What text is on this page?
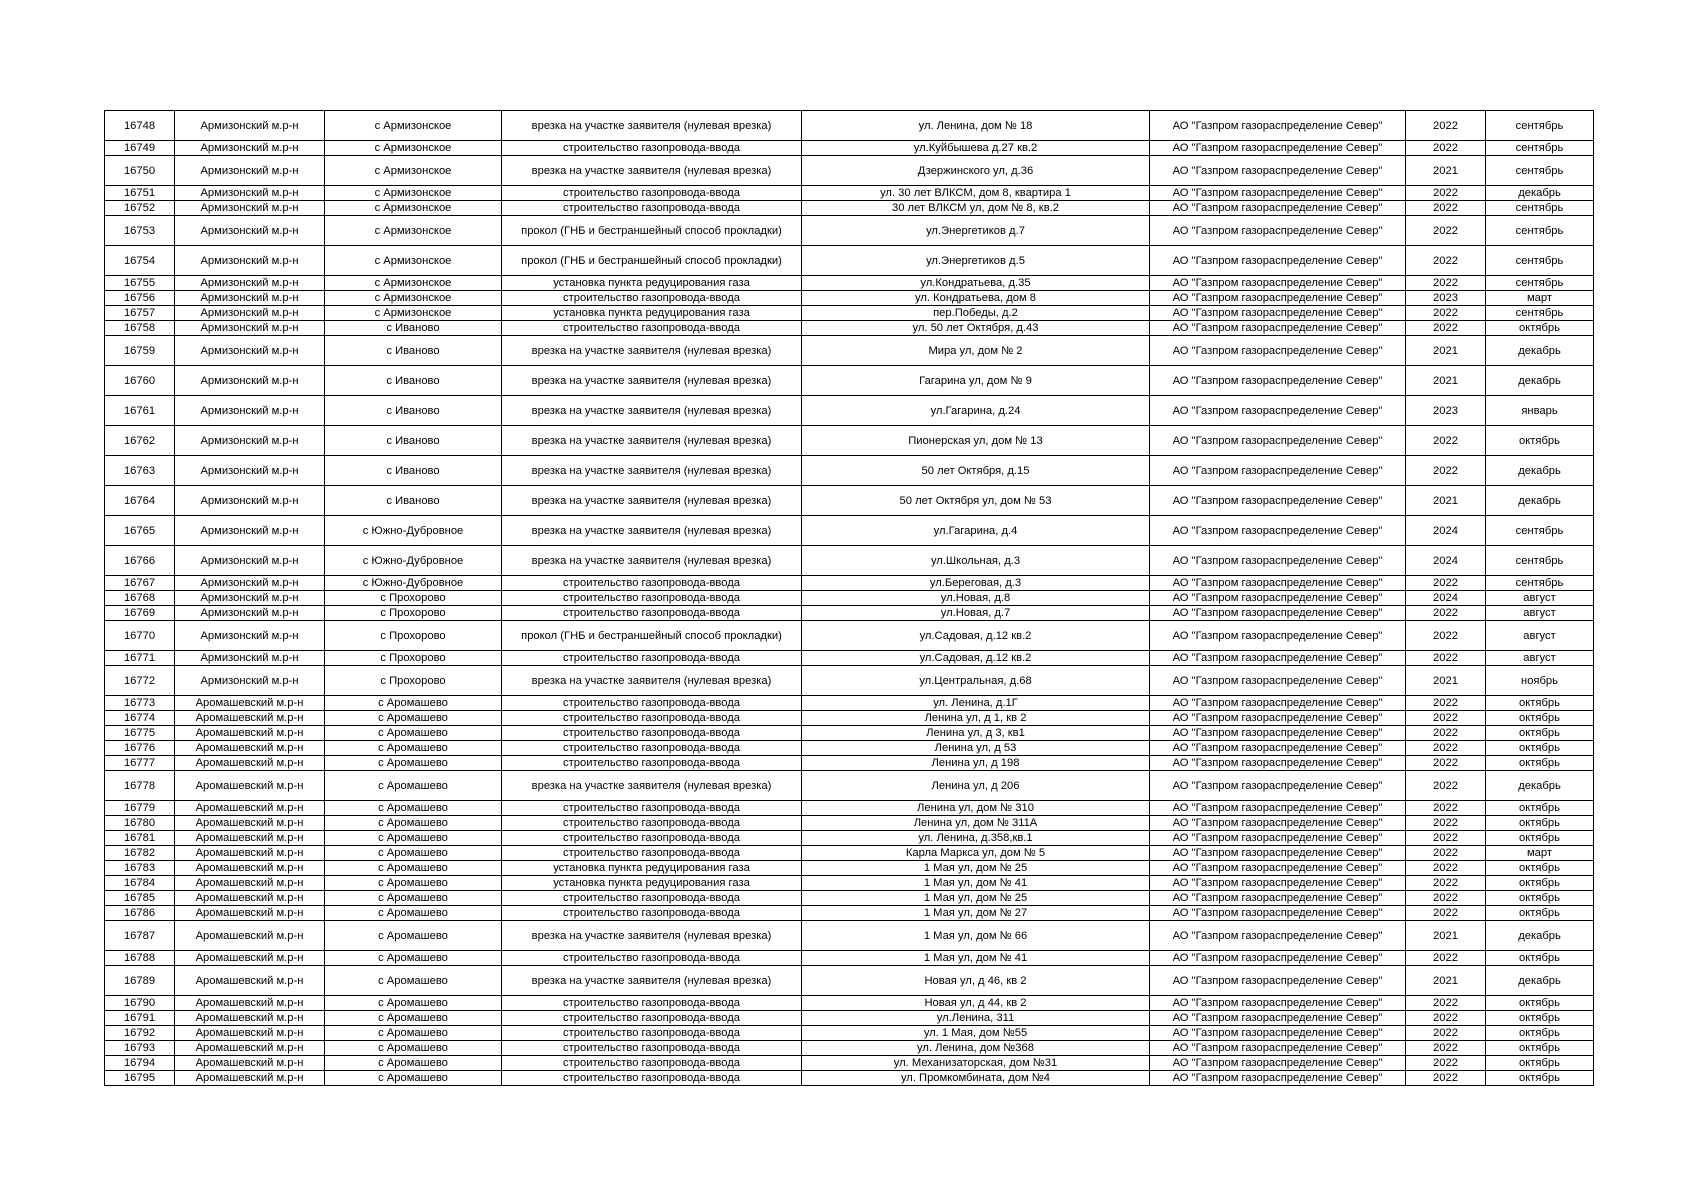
16748	Армизонский м.р-н	с Армизонское	врезка на участке заявителя (нулевая врезка)	ул. Ленина, дом № 18	АО "Газпром газораспределение Север"	2022	сентябрь
16749	Армизонский м.р-н	с Армизонское	строительство газопровода-ввода	ул.Куйбышева д.27 кв.2	АО "Газпром газораспределение Север"	2022	сентябрь
16750	Армизонский м.р-н	с Армизонское	врезка на участке заявителя (нулевая врезка)	Дзержинского ул, д.36	АО "Газпром газораспределение Север"	2021	сентябрь
16751	Армизонский м.р-н	с Армизонское	строительство газопровода-ввода	ул. 30 лет ВЛКСМ, дом 8, квартира 1	АО "Газпром газораспределение Север"	2022	декабрь
16752	Армизонский м.р-н	с Армизонское	строительство газопровода-ввода	30 лет ВЛКСМ ул, дом № 8, кв.2	АО "Газпром газораспределение Север"	2022	сентябрь
16753	Армизонский м.р-н	с Армизонское	прокол (ГНБ и бестраншейный способ прокладки)	ул.Энергетиков д.7	АО "Газпром газораспределение Север"	2022	сентябрь
16754	Армизонский м.р-н	с Армизонское	прокол (ГНБ и бестраншейный способ прокладки)	ул.Энергетиков д.5	АО "Газпром газораспределение Север"	2022	сентябрь
16755	Армизонский м.р-н	с Армизонское	установка пункта редуцирования газа	ул.Кондратьева, д.35	АО "Газпром газораспределение Север"	2022	сентябрь
16756	Армизонский м.р-н	с Армизонское	строительство газопровода-ввода	ул. Кондратьева, дом 8	АО "Газпром газораспределение Север"	2023	март
16757	Армизонский м.р-н	с Армизонское	установка пункта редуцирования газа	пер.Победы, д.2	АО "Газпром газораспределение Север"	2022	сентябрь
16758	Армизонский м.р-н	с Иваново	строительство газопровода-ввода	ул. 50 лет Октября, д.43	АО "Газпром газораспределение Север"	2022	октябрь
16759	Армизонский м.р-н	с Иваново	врезка на участке заявителя (нулевая врезка)	Мира ул, дом № 2	АО "Газпром газораспределение Север"	2021	декабрь
16760	Армизонский м.р-н	с Иваново	врезка на участке заявителя (нулевая врезка)	Гагарина ул, дом № 9	АО "Газпром газораспределение Север"	2021	декабрь
16761	Армизонский м.р-н	с Иваново	врезка на участке заявителя (нулевая врезка)	ул.Гагарина, д.24	АО "Газпром газораспределение Север"	2023	январь
16762	Армизонский м.р-н	с Иваново	врезка на участке заявителя (нулевая врезка)	Пионерская ул, дом № 13	АО "Газпром газораспределение Север"	2022	октябрь
16763	Армизонский м.р-н	с Иваново	врезка на участке заявителя (нулевая врезка)	50 лет Октября, д.15	АО "Газпром газораспределение Север"	2022	декабрь
16764	Армизонский м.р-н	с Иваново	врезка на участке заявителя (нулевая врезка)	50 лет Октября ул, дом № 53	АО "Газпром газораспределение Север"	2021	декабрь
16765	Армизонский м.р-н	с Южно-Дубровное	врезка на участке заявителя (нулевая врезка)	ул.Гагарина, д.4	АО "Газпром газораспределение Север"	2024	сентябрь
16766	Армизонский м.р-н	с Южно-Дубровное	врезка на участке заявителя (нулевая врезка)	ул.Школьная, д.3	АО "Газпром газораспределение Север"	2024	сентябрь
16767	Армизонский м.р-н	с Южно-Дубровное	строительство газопровода-ввода	ул.Береговая, д.3	АО "Газпром газораспределение Север"	2022	сентябрь
16768	Армизонский м.р-н	с Прохорово	строительство газопровода-ввода	ул.Новая, д.8	АО "Газпром газораспределение Север"	2024	август
16769	Армизонский м.р-н	с Прохорово	строительство газопровода-ввода	ул.Новая, д.7	АО "Газпром газораспределение Север"	2022	август
16770	Армизонский м.р-н	с Прохорово	прокол (ГНБ и бестраншейный способ прокладки)	ул.Садовая, д.12 кв.2	АО "Газпром газораспределение Север"	2022	август
16771	Армизонский м.р-н	с Прохорово	строительство газопровода-ввода	ул.Садовая, д.12 кв.2	АО "Газпром газораспределение Север"	2022	август
16772	Армизонский м.р-н	с Прохорово	врезка на участке заявителя (нулевая врезка)	ул.Центральная, д.68	АО "Газпром газораспределение Север"	2021	ноябрь
16773	Аромашевский м.р-н	с Аромашево	строительство газопровода-ввода	ул. Ленина, д.1Г	АО "Газпром газораспределение Север"	2022	октябрь
16774	Аромашевский м.р-н	с Аромашево	строительство газопровода-ввода	Ленина ул, д 1, кв 2	АО "Газпром газораспределение Север"	2022	октябрь
16775	Аромашевский м.р-н	с Аромашево	строительство газопровода-ввода	Ленина ул, д 3, кв1	АО "Газпром газораспределение Север"	2022	октябрь
16776	Аромашевский м.р-н	с Аромашево	строительство газопровода-ввода	Ленина ул, д 53	АО "Газпром газораспределение Север"	2022	октябрь
16777	Аромашевский м.р-н	с Аромашево	строительство газопровода-ввода	Ленина ул, д 198	АО "Газпром газораспределение Север"	2022	октябрь
16778	Аромашевский м.р-н	с Аромашево	врезка на участке заявителя (нулевая врезка)	Ленина ул, д 206	АО "Газпром газораспределение Север"	2022	декабрь
16779	Аромашевский м.р-н	с Аромашево	строительство газопровода-ввода	Ленина ул, дом № 310	АО "Газпром газораспределение Север"	2022	октябрь
16780	Аромашевский м.р-н	с Аромашево	строительство газопровода-ввода	Ленина ул, дом № 311А	АО "Газпром газораспределение Север"	2022	октябрь
16781	Аромашевский м.р-н	с Аромашево	строительство газопровода-ввода	ул. Ленина, д.358,кв.1	АО "Газпром газораспределение Север"	2022	октябрь
16782	Аромашевский м.р-н	с Аромашево	строительство газопровода-ввода	Карла Маркса ул, дом № 5	АО "Газпром газораспределение Север"	2022	март
16783	Аромашевский м.р-н	с Аромашево	установка пункта редуцирования газа	1 Мая ул, дом № 25	АО "Газпром газораспределение Север"	2022	октябрь
16784	Аромашевский м.р-н	с Аромашево	установка пункта редуцирования газа	1 Мая ул, дом № 41	АО "Газпром газораспределение Север"	2022	октябрь
16785	Аромашевский м.р-н	с Аромашево	строительство газопровода-ввода	1 Мая ул, дом № 25	АО "Газпром газораспределение Север"	2022	октябрь
16786	Аромашевский м.р-н	с Аромашево	строительство газопровода-ввода	1 Мая ул, дом № 27	АО "Газпром газораспределение Север"	2022	октябрь
16787	Аромашевский м.р-н	с Аромашево	врезка на участке заявителя (нулевая врезка)	1 Мая ул, дом № 66	АО "Газпром газораспределение Север"	2021	декабрь
16788	Аромашевский м.р-н	с Аромашево	строительство газопровода-ввода	1 Мая ул, дом № 41	АО "Газпром газораспределение Север"	2022	октябрь
16789	Аромашевский м.р-н	с Аромашево	врезка на участке заявителя (нулевая врезка)	Новая ул, д 46, кв 2	АО "Газпром газораспределение Север"	2021	декабрь
16790	Аромашевский м.р-н	с Аромашево	строительство газопровода-ввода	Новая ул, д 44, кв 2	АО "Газпром газораспределение Север"	2022	октябрь
16791	Аромашевский м.р-н	с Аромашево	строительство газопровода-ввода	ул.Ленина, 311	АО "Газпром газораспределение Север"	2022	октябрь
16792	Аромашевский м.р-н	с Аромашево	строительство газопровода-ввода	ул. 1 Мая, дом №55	АО "Газпром газораспределение Север"	2022	октябрь
16793	Аромашевский м.р-н	с Аромашево	строительство газопровода-ввода	ул. Ленина, дом №368	АО "Газпром газораспределение Север"	2022	октябрь
16794	Аромашевский м.р-н	с Аромашево	строительство газопровода-ввода	ул. Механизаторская, дом №31	АО "Газпром газораспределение Север"	2022	октябрь
16795	Аромашевский м.р-н	с Аромашево	строительство газопровода-ввода	ул. Промкомбината, дом №4	АО "Газпром газораспределение Север"	2022	октябрь
